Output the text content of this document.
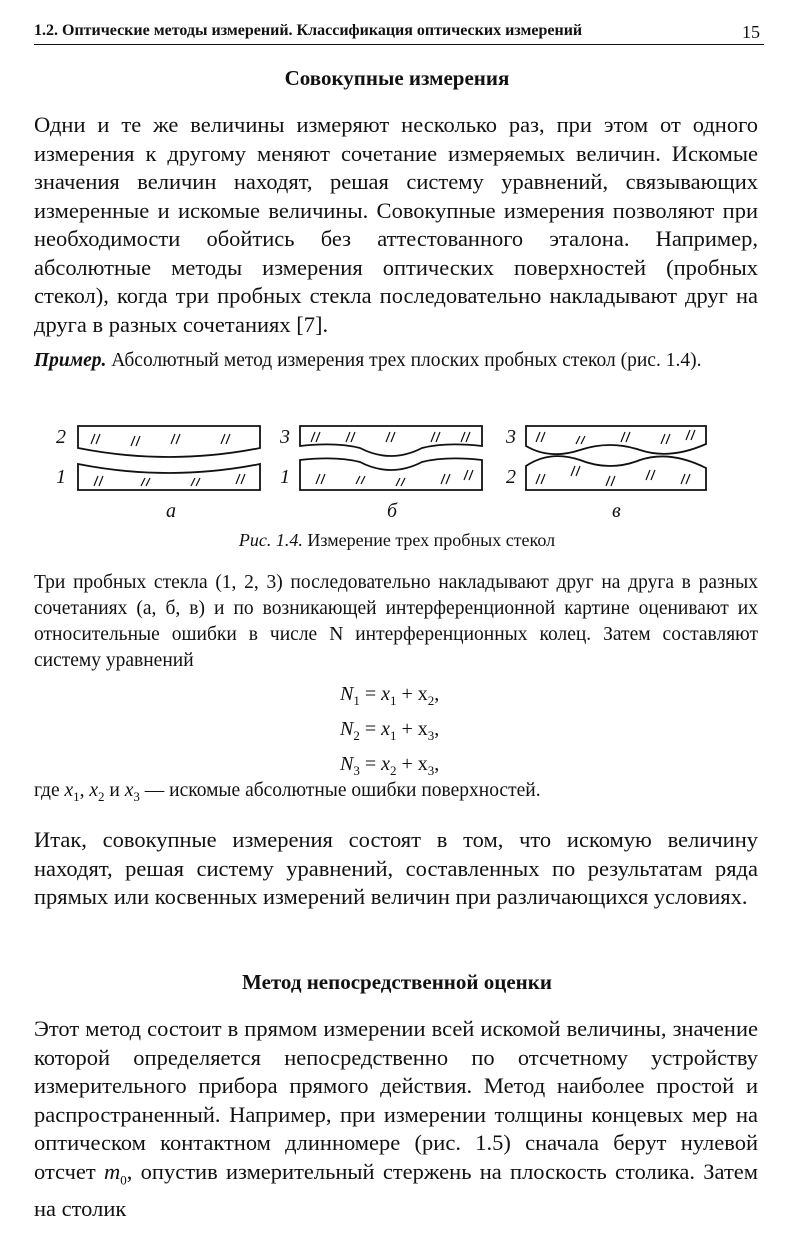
1.2. Оптические методы измерений. Классификация оптических измерений	15
Совокупные измерения

Одни и те же величины измеряют несколько раз, при этом от одного измерения к другому меняют сочетание измеряемых величин. Искомые значения величин находят, решая систему уравнений, связывающих измеренные и искомые величины. Совокупные измерения позволяют при необходимости обойтись без аттестованного эталона. Например, абсолютные методы измерения оптических поверхностей (пробных стекол), когда три пробных стекла последовательно накладывают друг на друга в разных сочетаниях [7].

Пример. Абсолютный метод измерения трех плоских пробных стекол (рис. 1.4).

2
1
а
3
1
б
3
2
в
Рис. 1.4. Измерение трех пробных стекол

Три пробных стекла (1, 2, 3) последовательно накладывают друг на друга в разных сочетаниях (а, б, в) и по возникающей интерференционной картине оценивают их относительные ошибки в числе N интерференционных колец. Затем составляют систему уравнений

$N_1 = x_1 + x_2$,
$N_2 = x_1 + x_3$,
$N_3 = x_2 + x_3$,

где $x_1$, $x_2$ и $x_3$ — искомые абсолютные ошибки поверхностей.

Итак, совокупные измерения состоят в том, что искомую величину находят, решая систему уравнений, составленных по результатам ряда прямых или косвенных измерений величин при различающихся условиях.

Метод непосредственной оценки

Этот метод состоит в прямом измерении всей искомой величины, значение которой определяется непосредственно по отсчетному устройству измерительного прибора прямого действия. Метод наиболее простой и распространенный. Например, при измерении толщины концевых мер на оптическом контактном длинномере (рис. 1.5) сначала берут нулевой отсчет $m_0$, опустив измерительный стержень на плоскость столика. Затем на столик
